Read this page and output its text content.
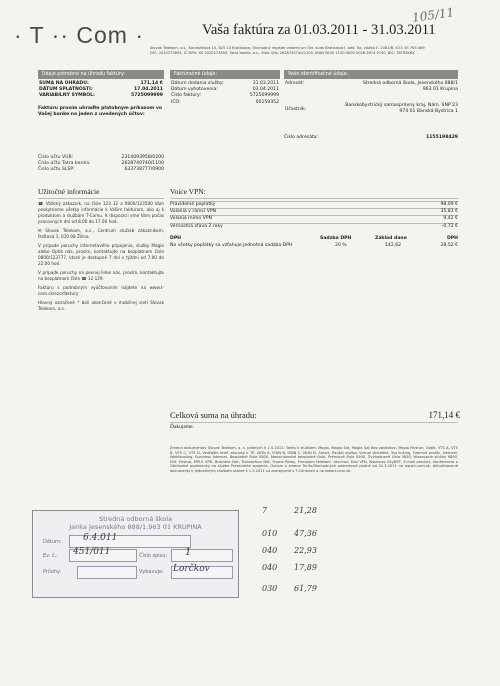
· T ·· Com ·	Vaša faktúra za 01.03.2011 - 31.03.2011
105/11
Slovak Telekom, a.s., Karadžičova 10, 825 13 Bratislava, Obchodný register vedený pri Okr. súde Bratislava I, odd. Sa, vložka č. 2081/B, IČO: 35 763 469
DIČ: 2020273893, IČ DPH: SK 2020273893, Tatra banka, a.s., číslo účtu 2628740740/1100, IBAN SK05 1100 0000 0026 2874 0740, BIC: TATRSKBX
Údaje potrebné na úhradu faktúry:
SUMA NA ÚHRADU:	171,14 €
DÁTUM SPLATNOSTI:	17.04.2011
VARIABILNÝ SYMBOL:	5725099999
Faktúru prosím uhraďte platobným príkazom vo Vašej banke na jeden z uvedených účtov:
Číslo účtu VÚB:	2314093958/0200
Číslo účtu Tatra banka:	2628740740/1100
Číslo účtu SLSP:	633738777/0900
Faktúračné údaje:
Dátum dodania služby:	31.03.2011
Dátum vyhotovenia:	03.04.2011
Číslo faktúry:	5725099999
IČO:	00159352
Vaše identifikačné údaje:
Adresát:	Stredná odborná škola, Jesenského 888/1
963 01 Krupina
Účastník:
Banskobystrický samosprávny kraj, Nám. SNP 23
974 01 Banská Bystrica 1
Číslo adresáta:	1155198429
Užitočné informácie
☎ Vážený zákazník, na čísle 123 32 a 0800/123500 Vám poskytneme všetky informácie k Vašim faktúram, ako aj k produktom a službám T-Comu. K dispozícii sme Vám počas pracovných dní od 8.00 do 17.00 hod.
✉ Slovak Telekom, a.s., Centrum služieb zákazníkom, Poštová 1, 010 08 Žilina.
V prípade poruchy internetového pripojenia, služby Magio alebo Optik nás, prosím, kontaktujte na bezplatnom čísle 0800/123777, ktoré je dostupné 7 dní v týždni od 7.00 do 22.00 hod.
V prípade poruchy na pevnej linke nás, prosím, kontaktujte na bezplatnom čísle ☎ 12 129.
Faktúru s podrobným vyúčtovaním nájdete na www.t-com.sk/ezorfaktury
Hlavný označené * boli ukončené v mobilnej sieti Slovak Telekom, a.s.
Voice VPN:
Pravidelné poplatky	98,09 €
Volania v rámci VPN	35,83 €
Volania mimo VPN	9,42 €
Vernostná zľava 2 roky	-0,72 €
DPH	Sadzba DPH	Základ dane	DPH
Na všetky poplatky sa vzťahuje jednotná sadzba DPH	20 %	142,62	28,52 €
Celková suma na úhradu:	171,14 €
Ďakujeme.
Zmena dokumentov Slovak Telekom, a. s. platných k 1.5.2011: Tarifa k službám: Magio, Magio Sat, Magio Sat Bez záväzkov, Magio Partner, Optik, VTS A, VTS B, VTS C, VTS D, Vedľajšie telef. zásuvky k TP, ISDN A, ISDN B, ISDN C, ISDN D, Smart, Paušál služba, Virtual VoiceNet, Top linking, Firemné profily, Internet, WebHousing, Business Internet, Bezplatné číslo 0800, Medzinárodné bezplatné číslo, Prémiové číslo 0900, Zvýhodnené číslo 0850, Hlasovacie služby 0890, DSL Prístup, MPLS VPN, Business Net, Transaction Net, Frame Relay, Prenájom telekom. okruhov, Dial VPN, Business CityNET, E-mail product, Konferencia a Obchodné podmienky na službe Preskúmite spojenia. Oznam o zmene Tarifu/Obchodných podmienok platné od 31.3.2011 na www.t-com.sk. Aktualizované dokumenty k jednotlivým službám platné k 1.5.2011 sú zverejnené v T-Centrách a na www.t-com.sk.
Stredná odborná škola
Janka Jesenského 888/1,963 01 KRUPINA
Dátum: 6.4.011
Číslo spisu: 1
Ev. č.: 451/011
Prílohy:	Vybavuje: Lorčkov
7	21,28
010 47,36
040 22,93
040 17,89
030 61,79
